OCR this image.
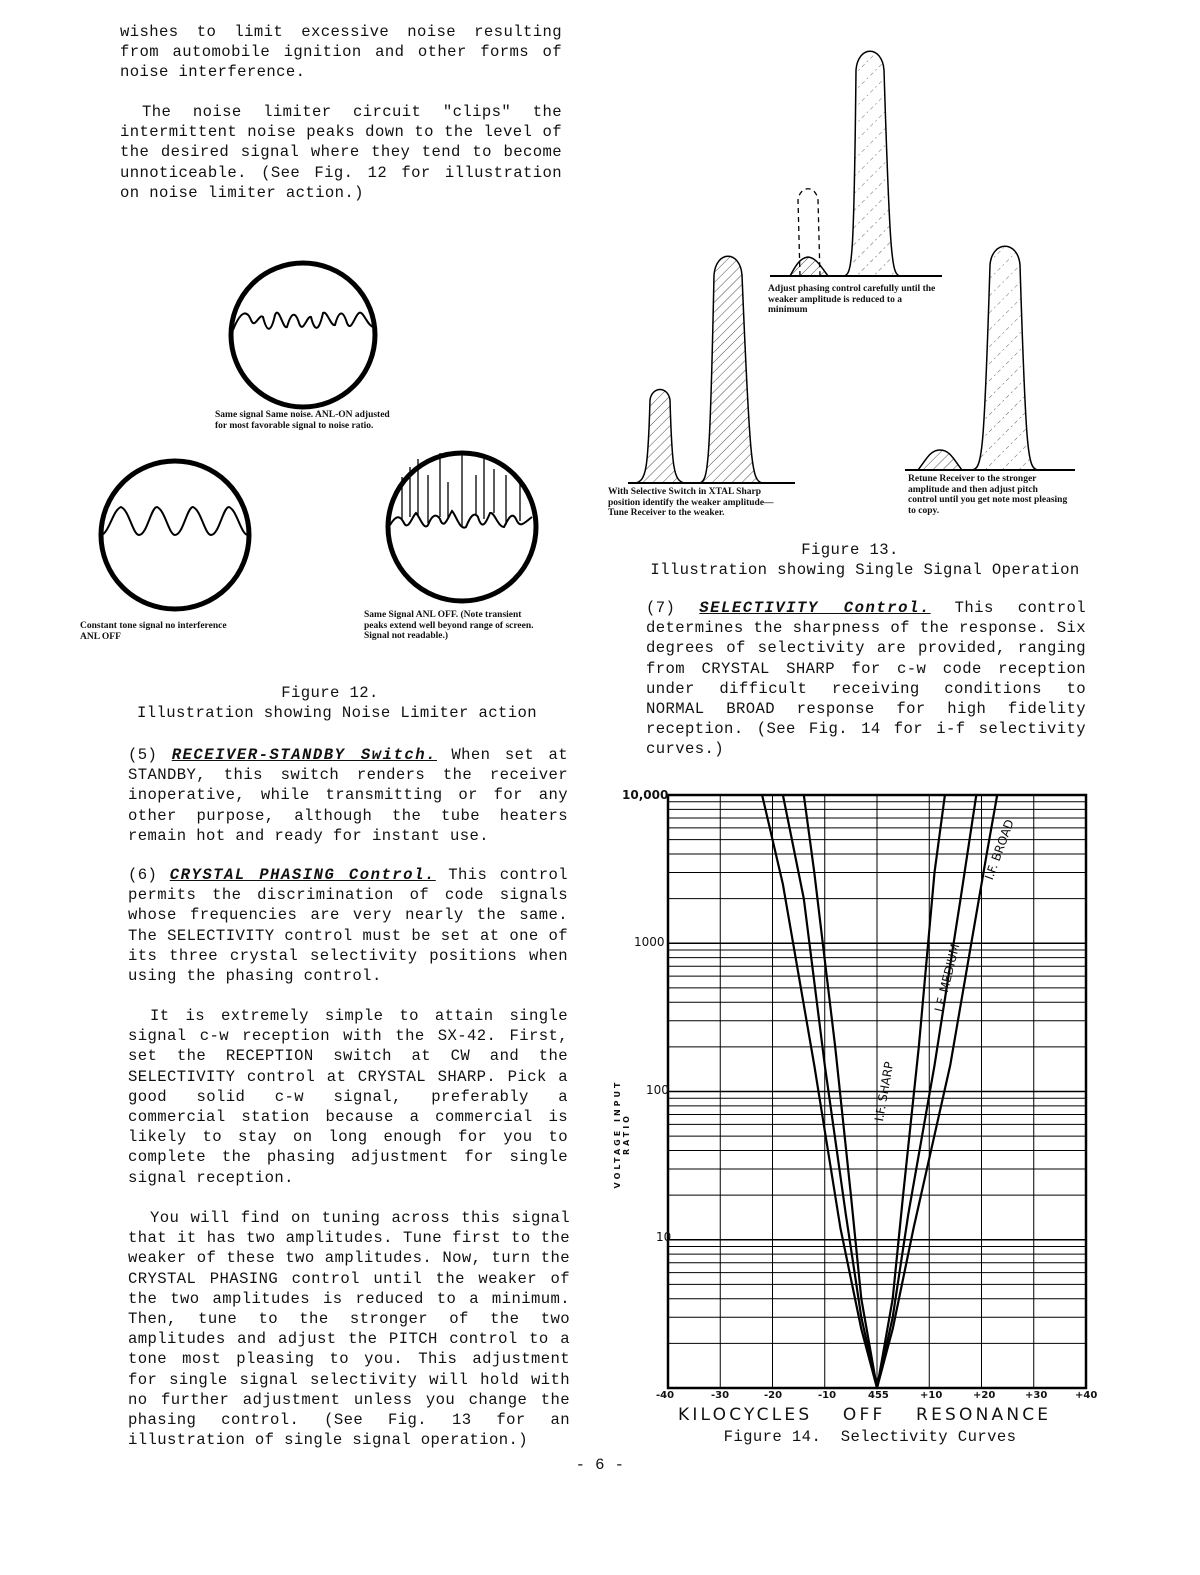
wishes to limit excessive noise resulting from automobile ignition and other forms of noise interference.

The noise limiter circuit "clips" the intermittent noise peaks down to the level of the desired signal where they tend to become unnoticeable. (See Fig. 12 for illustration on noise limiter action.)

Same signal Same noise. ANL-ON adjusted for most favorable signal to noise ratio.
Constant tone signal no interference ANL OFF
Same Signal ANL OFF. (Note transient peaks extend well beyond range of screen. Signal not readable.)
Figure 12.
Illustration showing Noise Limiter action

(5) RECEIVER-STANDBY Switch. When set at STANDBY, this switch renders the receiver inoperative, while transmitting or for any other purpose, although the tube heaters remain hot and ready for instant use.

(6) CRYSTAL PHASING Control. This control permits the discrimination of code signals whose frequencies are very nearly the same. The SELECTIVITY control must be set at one of its three crystal selectivity positions when using the phasing control.

It is extremely simple to attain single signal c-w reception with the SX-42. First, set the RECEPTION switch at CW and the SELECTIVITY control at CRYSTAL SHARP. Pick a good solid c-w signal, preferably a commercial station because a commercial is likely to stay on long enough for you to complete the phasing adjustment for single signal reception.

You will find on tuning across this signal that it has two amplitudes. Tune first to the weaker of these two amplitudes. Now, turn the CRYSTAL PHASING control until the weaker of the two amplitudes is reduced to a minimum. Then, tune to the stronger of the two amplitudes and adjust the PITCH control to a tone most pleasing to you. This adjustment for single signal selectivity will hold with no further adjustment unless you change the phasing control. (See Fig. 13 for an illustration of single signal operation.)

Adjust phasing control carefully until the weaker amplitude is reduced to a minimum
With Selective Switch in XTAL Sharp position identify the weaker amplitude—Tune Receiver to the weaker.
Retune Receiver to the stronger amplitude and then adjust pitch control until you get note most pleasing to copy.
Figure 13.
Illustration showing Single Signal Operation

(7) SELECTIVITY Control. This control determines the sharpness of the response. Six degrees of selectivity are provided, ranging from CRYSTAL SHARP for c-w code reception under difficult receiving conditions to NORMAL BROAD response for high fidelity reception. (See Fig. 14 for i-f selectivity curves.)

10,000
1000
100
10
VOLTAGE INPUT RATIO
-40	-30	-20	-10	455	+10	+20	+30	+40
KILOCYCLES OFF RESONANCE
Figure 14.  Selectivity Curves
I.F. SHARP
I.F. MEDIUM
I.F. BROAD
- 6 -
